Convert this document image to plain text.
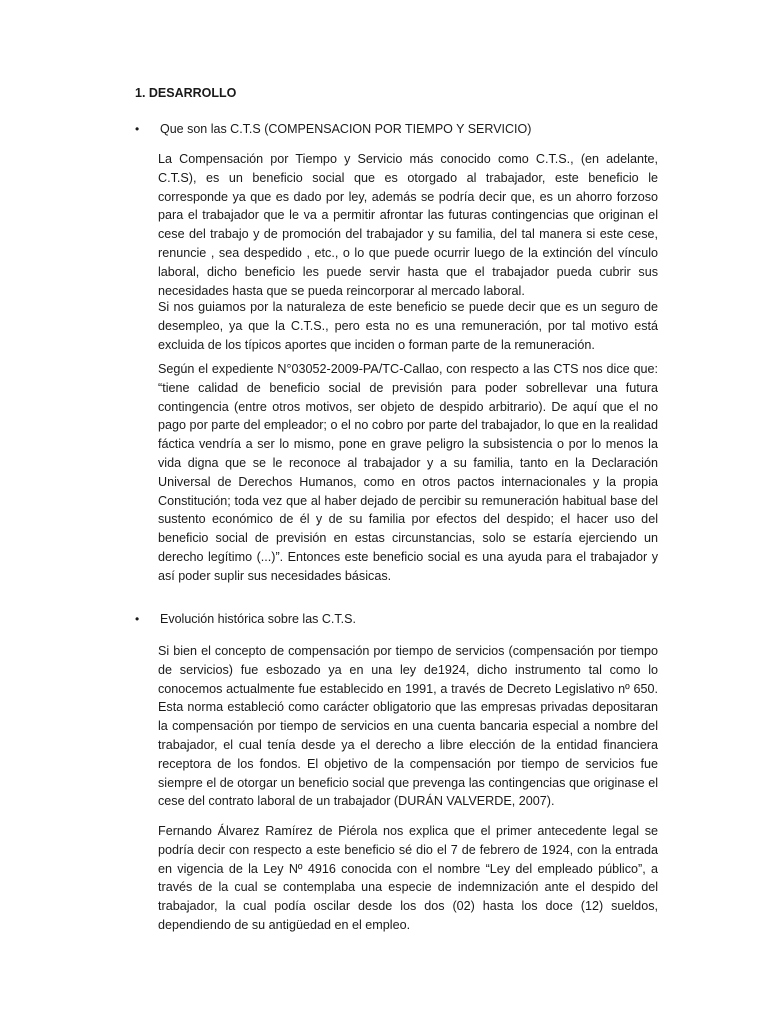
1. DESARROLLO
•	Que son las C.T.S (COMPENSACION POR TIEMPO Y SERVICIO)

La Compensación por Tiempo y Servicio más conocido como C.T.S., (en adelante, C.T.S), es un beneficio social que es otorgado al trabajador, este beneficio le corresponde ya que es dado por ley, además se podría decir que, es un ahorro forzoso para el trabajador que le va a permitir afrontar las futuras contingencias que originan el cese del trabajo y de promoción del trabajador y su familia, del tal manera si este cese, renuncie , sea despedido , etc., o lo que puede ocurrir luego de la extinción del vínculo laboral, dicho beneficio les puede servir hasta que el trabajador pueda cubrir sus necesidades hasta que se pueda reincorporar al mercado laboral.

Si nos guiamos por la naturaleza de este beneficio se puede decir que es un seguro de desempleo, ya que la C.T.S., pero esta no es una remuneración, por tal motivo está excluida de los típicos aportes que inciden o forman parte de la remuneración.

Según el expediente N°03052-2009-PA/TC-Callao, con respecto a las CTS nos dice que: “tiene calidad de beneficio social de previsión para poder sobrellevar una futura contingencia (entre otros motivos, ser objeto de despido arbitrario). De aquí que el no pago por parte del empleador; o el no cobro por parte del trabajador, lo que en la realidad fáctica vendría a ser lo mismo, pone en grave peligro la subsistencia o por lo menos la vida digna que se le reconoce al trabajador y a su familia, tanto en la Declaración Universal de Derechos Humanos, como en otros pactos internacionales y la propia Constitución; toda vez que al haber dejado de percibir su remuneración habitual base del sustento económico de él y de su familia por efectos del despido; el hacer uso del beneficio social de previsión en estas circunstancias, solo se estaría ejerciendo un derecho legítimo (...)”. Entonces este beneficio social es una ayuda para el trabajador y así poder suplir sus necesidades básicas.

•	Evolución histórica sobre las C.T.S.

Si bien el concepto de compensación por tiempo de servicios (compensación por tiempo de servicios) fue esbozado ya en una ley de1924, dicho instrumento tal como lo conocemos actualmente fue establecido en 1991, a través de Decreto Legislativo nº 650. Esta norma estableció como carácter obligatorio que las empresas privadas depositaran la compensación por tiempo de servicios en una cuenta bancaria especial a nombre del trabajador, el cual tenía desde ya el derecho a libre elección de la entidad financiera receptora de los fondos. El objetivo de la compensación por tiempo de servicios fue siempre el de otorgar un beneficio social que prevenga las contingencias que originase el cese del contrato laboral de un trabajador (DURÁN VALVERDE, 2007).

Fernando Álvarez Ramírez de Piérola nos explica que el primer antecedente legal se podría decir con respecto a este beneficio sé dio el 7 de febrero de 1924, con la entrada en vigencia de la Ley Nº 4916 conocida con el nombre “Ley del empleado público”, a través de la cual se contemplaba una especie de indemnización ante el despido del trabajador, la cual podía oscilar desde los dos (02) hasta los doce (12) sueldos, dependiendo de su antigüedad en el empleo.
